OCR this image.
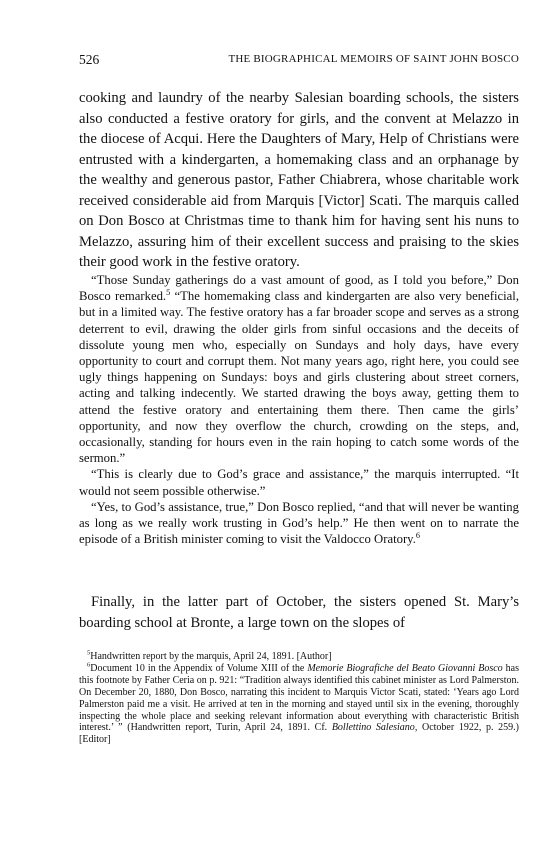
526	THE BIOGRAPHICAL MEMOIRS OF SAINT JOHN BOSCO

cooking and laundry of the nearby Salesian boarding schools, the sisters also conducted a festive oratory for girls, and the convent at Melazzo in the diocese of Acqui. Here the Daughters of Mary, Help of Christians were entrusted with a kindergarten, a homemaking class and an orphanage by the wealthy and generous pastor, Father Chiabrera, whose charitable work received considerable aid from Marquis [Victor] Scati. The marquis called on Don Bosco at Christmas time to thank him for having sent his nuns to Melazzo, assuring him of their excellent success and praising to the skies their good work in the festive oratory.

“Those Sunday gatherings do a vast amount of good, as I told you before,” Don Bosco remarked.$^5$ “The homemaking class and kindergarten are also very beneficial, but in a limited way. The festive oratory has a far broader scope and serves as a strong deterrent to evil, drawing the older girls from sinful occasions and the deceits of dissolute young men who, especially on Sundays and holy days, have every opportunity to court and corrupt them. Not many years ago, right here, you could see ugly things happening on Sundays: boys and girls clustering about street corners, acting and talking indecently. We started drawing the boys away, getting them to attend the festive oratory and entertaining them there. Then came the girls’ opportunity, and now they overflow the church, crowding on the steps, and, occasionally, standing for hours even in the rain hoping to catch some words of the sermon.”

“This is clearly due to God’s grace and assistance,” the marquis interrupted. “It would not seem possible otherwise.”

“Yes, to God’s assistance, true,” Don Bosco replied, “and that will never be wanting as long as we really work trusting in God’s help.” He then went on to narrate the episode of a British minister coming to visit the Valdocco Oratory.$^6$

Finally, in the latter part of October, the sisters opened St. Mary’s boarding school at Bronte, a large town on the slopes of

$^5$Handwritten report by the marquis, April 24, 1891. [Author]

$^6$Document 10 in the Appendix of Volume XIII of the Memorie Biografiche del Beato Giovanni Bosco has this footnote by Father Ceria on p. 921: “Tradition always identified this cabinet minister as Lord Palmerston. On December 20, 1880, Don Bosco, narrating this incident to Marquis Victor Scati, stated: ‘Years ago Lord Palmerston paid me a visit. He arrived at ten in the morning and stayed until six in the evening, thoroughly inspecting the whole place and seeking relevant information about everything with characteristic British interest.’ ” (Handwritten report, Turin, April 24, 1891. Cf. Bollettino Salesiano, October 1922, p. 259.) [Editor]
